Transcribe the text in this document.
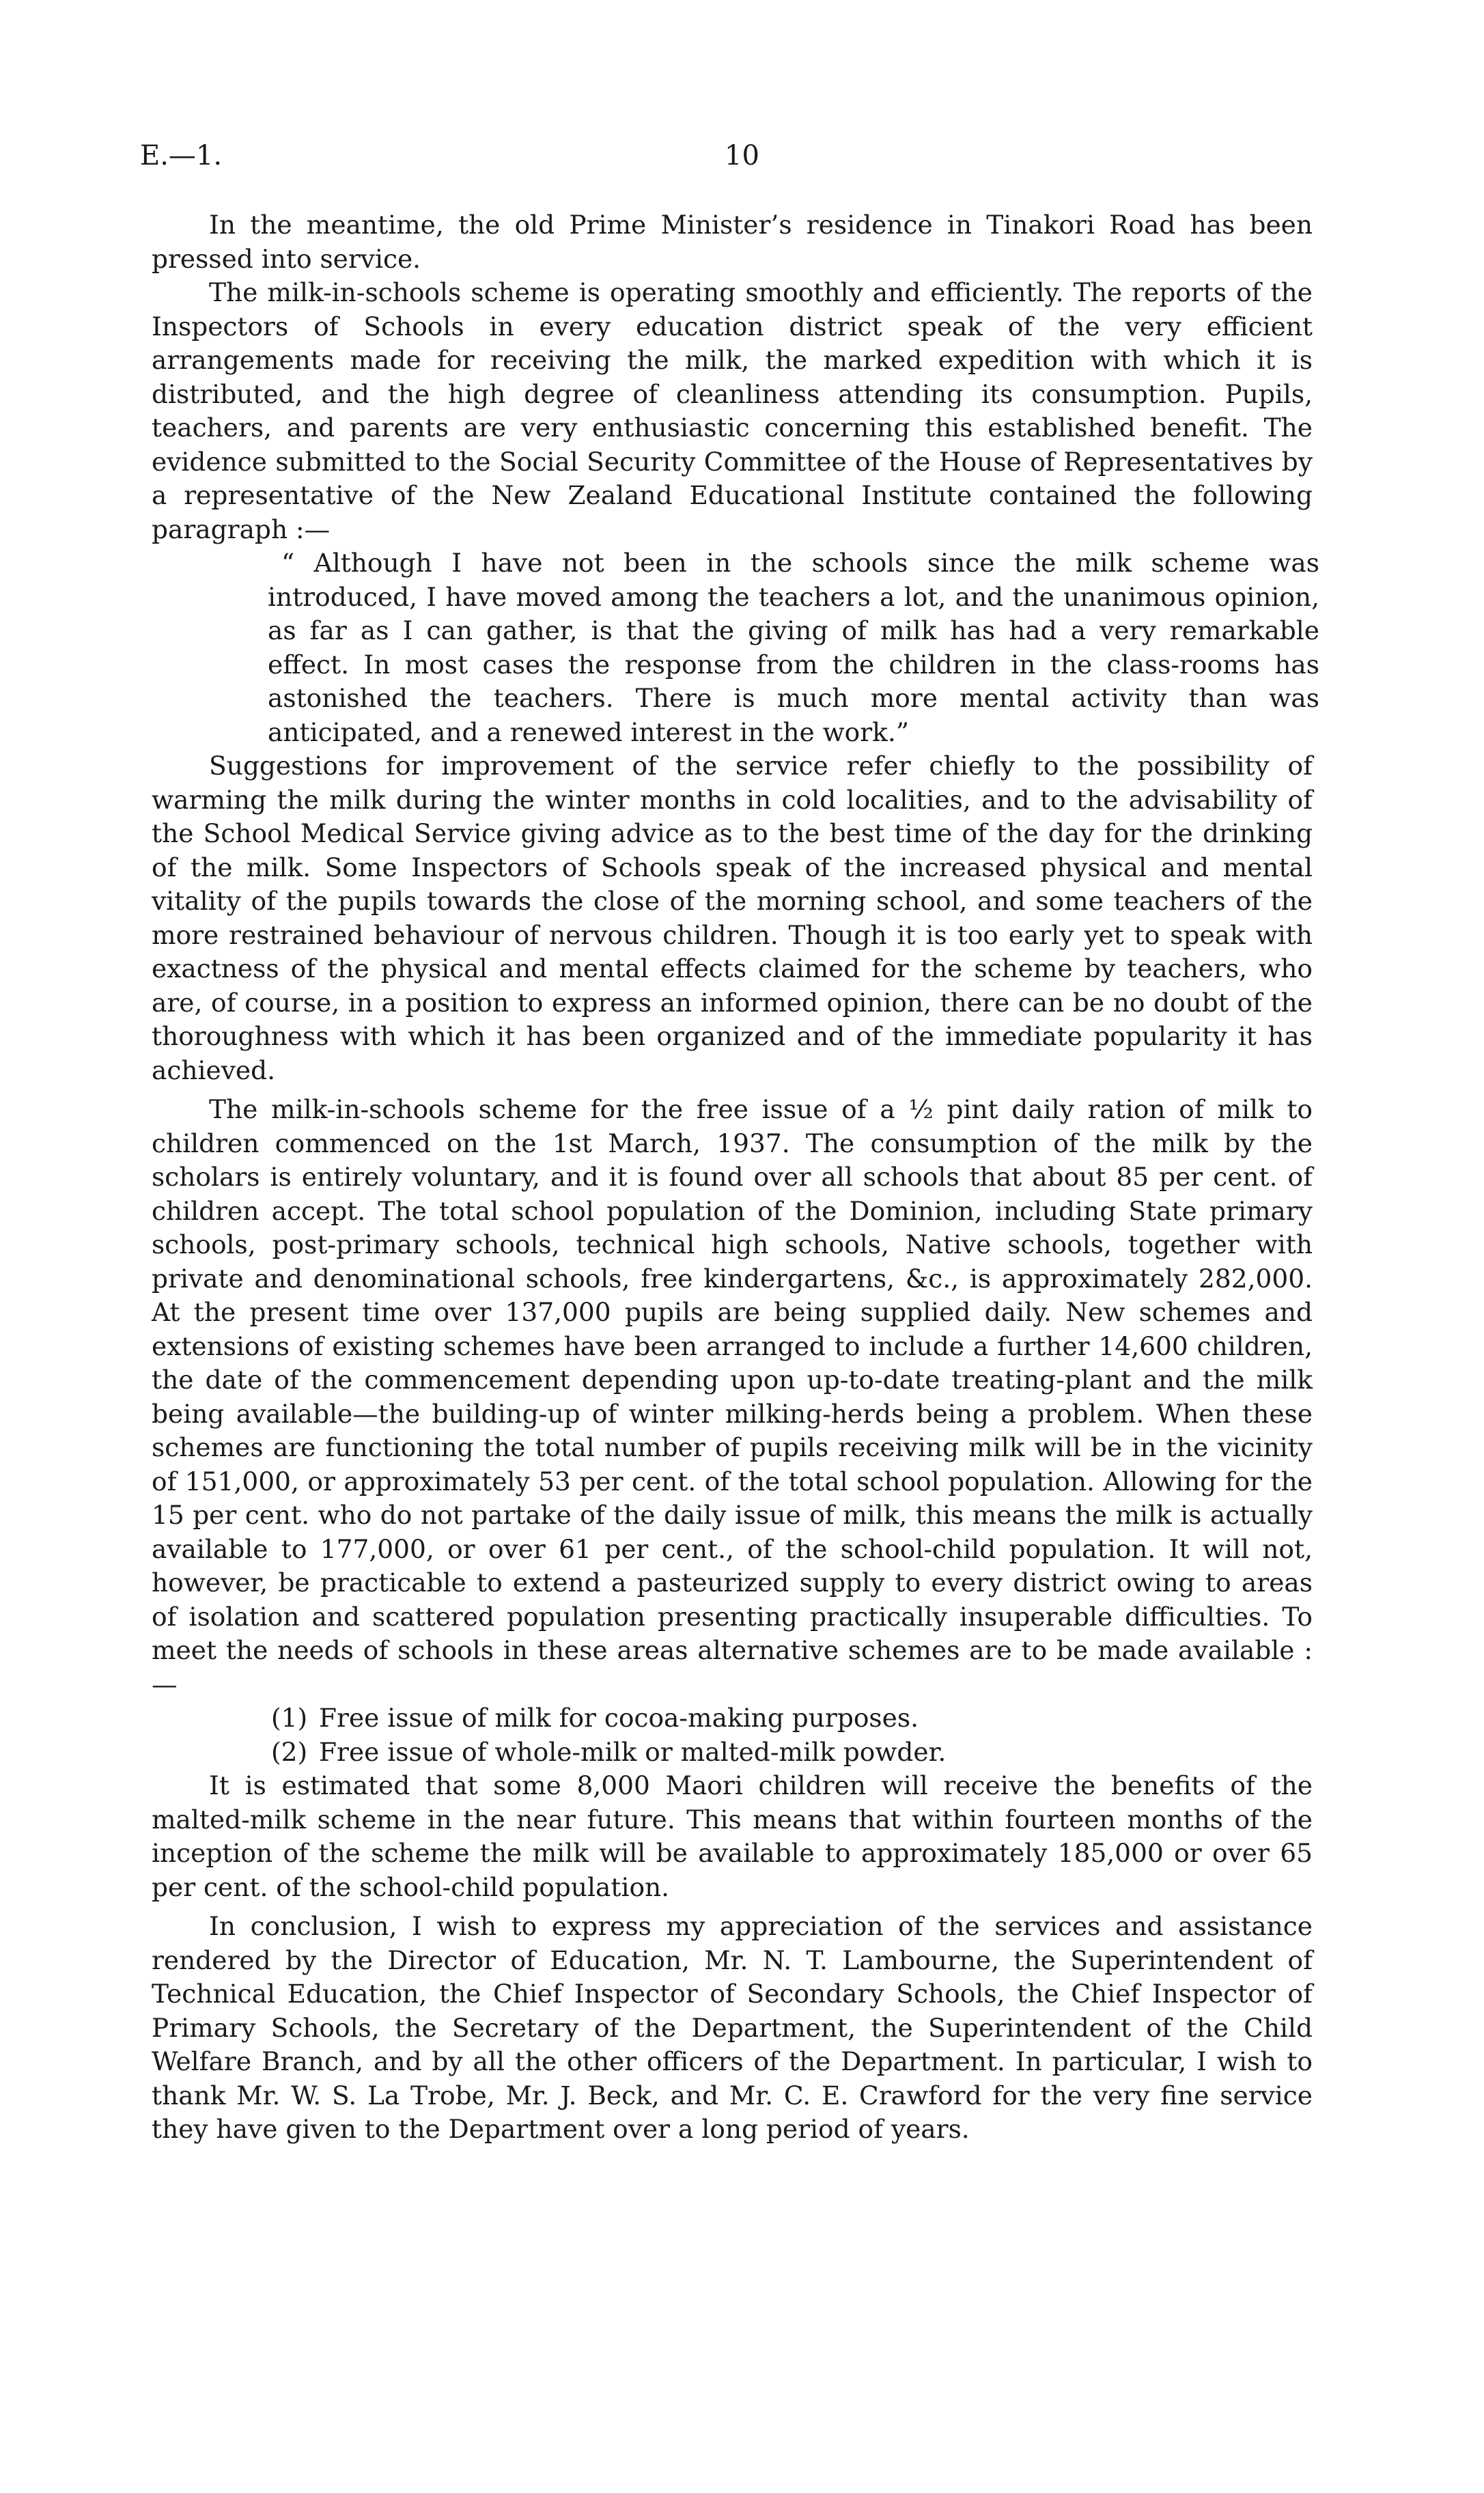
E.—1.	10

In the meantime, the old Prime Minister’s residence in Tinakori Road has been pressed into service.

The milk-in-schools scheme is operating smoothly and efficiently. The reports of the Inspectors of Schools in every education district speak of the very efficient arrangements made for receiving the milk, the marked expedition with which it is distributed, and the high degree of cleanliness attending its consumption. Pupils, teachers, and parents are very enthusiastic concerning this established benefit. The evidence submitted to the Social Security Committee of the House of Representatives by a representative of the New Zealand Educational Institute contained the following paragraph :—

“ Although I have not been in the schools since the milk scheme was introduced, I have moved among the teachers a lot, and the unanimous opinion, as far as I can gather, is that the giving of milk has had a very remarkable effect. In most cases the response from the children in the class-rooms has astonished the teachers. There is much more mental activity than was anticipated, and a renewed interest in the work.”

Suggestions for improvement of the service refer chiefly to the possibility of warming the milk during the winter months in cold localities, and to the advisability of the School Medical Service giving advice as to the best time of the day for the drinking of the milk. Some Inspectors of Schools speak of the increased physical and mental vitality of the pupils towards the close of the morning school, and some teachers of the more restrained behaviour of nervous children. Though it is too early yet to speak with exactness of the physical and mental effects claimed for the scheme by teachers, who are, of course, in a position to express an informed opinion, there can be no doubt of the thoroughness with which it has been organized and of the immediate popularity it has achieved.

The milk-in-schools scheme for the free issue of a ½ pint daily ration of milk to children commenced on the 1st March, 1937. The consumption of the milk by the scholars is entirely voluntary, and it is found over all schools that about 85 per cent. of children accept. The total school population of the Dominion, including State primary schools, post-primary schools, technical high schools, Native schools, together with private and denominational schools, free kindergartens, &c., is approximately 282,000. At the present time over 137,000 pupils are being supplied daily. New schemes and extensions of existing schemes have been arranged to include a further 14,600 children, the date of the commencement depending upon up-to-date treating-plant and the milk being available—the building-up of winter milking-herds being a problem. When these schemes are functioning the total number of pupils receiving milk will be in the vicinity of 151,000, or approximately 53 per cent. of the total school population. Allowing for the 15 per cent. who do not partake of the daily issue of milk, this means the milk is actually available to 177,000, or over 61 per cent., of the school-child population. It will not, however, be practicable to extend a pasteurized supply to every district owing to areas of isolation and scattered population presenting practically insuperable difficulties. To meet the needs of schools in these areas alternative schemes are to be made available :—

(1) Free issue of milk for cocoa-making purposes.
(2) Free issue of whole-milk or malted-milk powder.

It is estimated that some 8,000 Maori children will receive the benefits of the malted-milk scheme in the near future. This means that within fourteen months of the inception of the scheme the milk will be available to approximately 185,000 or over 65 per cent. of the school-child population.

In conclusion, I wish to express my appreciation of the services and assistance rendered by the Director of Education, Mr. N. T. Lambourne, the Superintendent of Technical Education, the Chief Inspector of Secondary Schools, the Chief Inspector of Primary Schools, the Secretary of the Department, the Superintendent of the Child Welfare Branch, and by all the other officers of the Department. In particular, I wish to thank Mr. W. S. La Trobe, Mr. J. Beck, and Mr. C. E. Crawford for the very fine service they have given to the Department over a long period of years.
